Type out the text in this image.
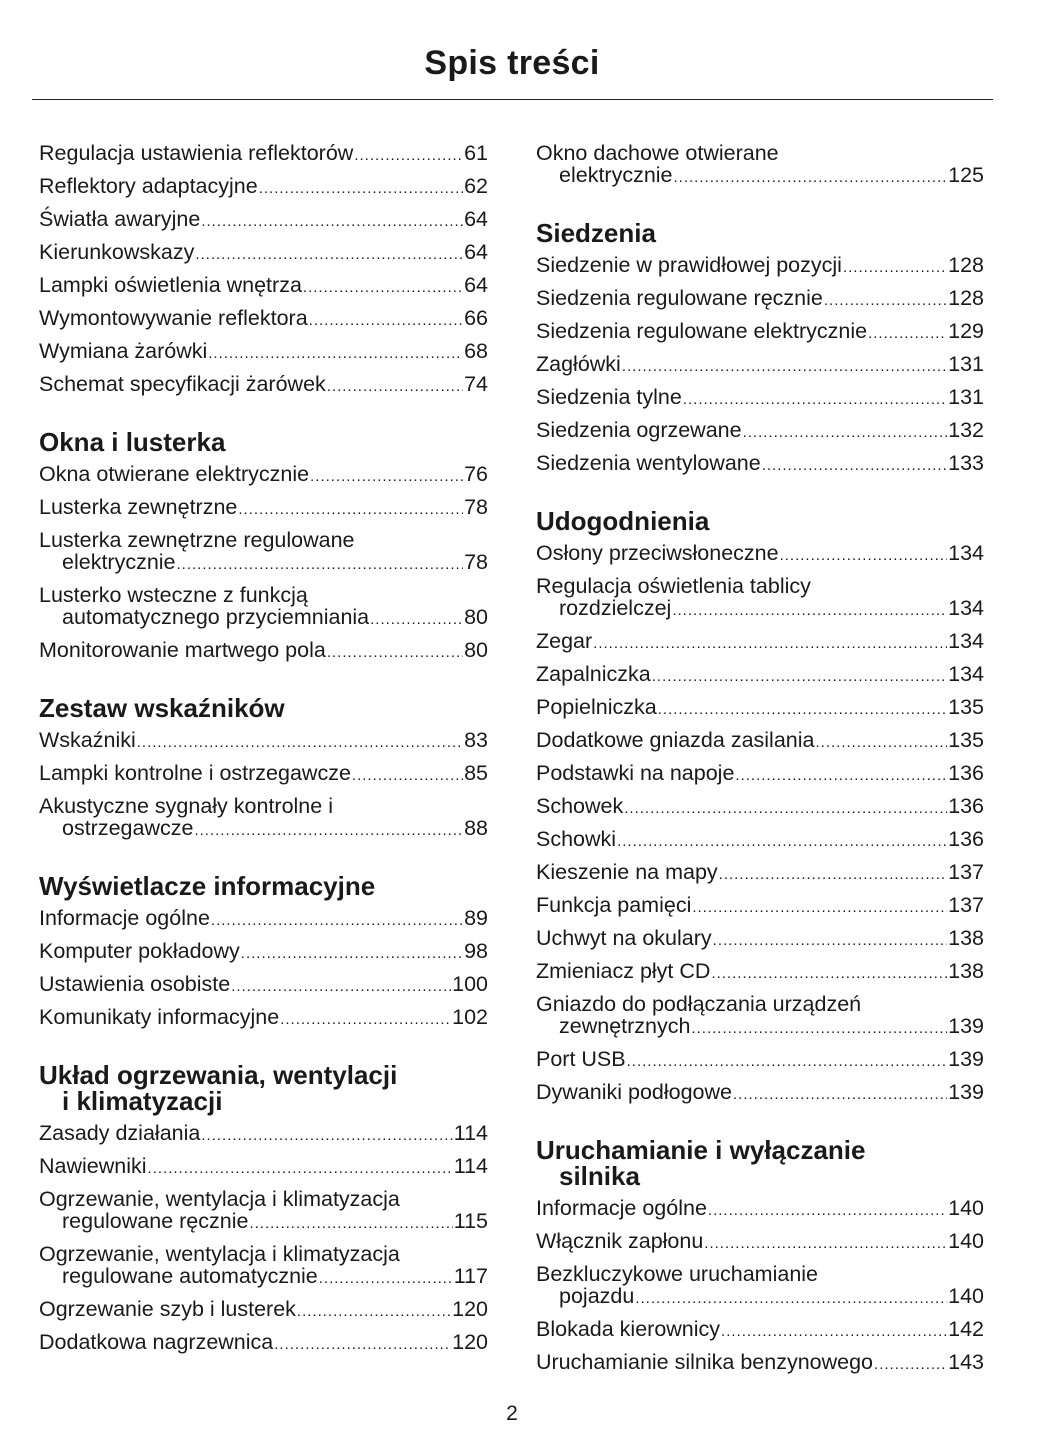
Spis treści
Regulacja ustawienia reflektorów .....	61
Reflektory adaptacyjne .....	62
Światła awaryjne .....	64
Kierunkowskazy .....	64
Lampki oświetlenia wnętrza .....	64
Wymontowywanie reflektora .....	66
Wymiana żarówki .....	68
Schemat specyfikacji żarówek .....	74
Okna i lusterka
Okna otwierane elektrycznie .....	76
Lusterka zewnętrzne .....	78
Lusterka zewnętrzne regulowane
elektrycznie .....	78
Lusterko wsteczne z funkcją
automatycznego przyciemniania .....	80
Monitorowanie martwego pola .....	80
Zestaw wskaźników
Wskaźniki .....	83
Lampki kontrolne i ostrzegawcze .....	85
Akustyczne sygnały kontrolne i
ostrzegawcze .....	88
Wyświetlacze informacyjne
Informacje ogólne .....	89
Komputer pokładowy .....	98
Ustawienia osobiste .....	100
Komunikaty informacyjne .....	102
Układ ogrzewania, wentylacji
i klimatyzacji
Zasady działania .....	114
Nawiewniki .....	114
Ogrzewanie, wentylacja i klimatyzacja
regulowane ręcznie .....	115
Ogrzewanie, wentylacja i klimatyzacja
regulowane automatycznie .....	117
Ogrzewanie szyb i lusterek .....	120
Dodatkowa nagrzewnica .....	120
Okno dachowe otwierane
elektrycznie .....	125
Siedzenia
Siedzenie w prawidłowej pozycji .....	128
Siedzenia regulowane ręcznie .....	128
Siedzenia regulowane elektrycznie .....	129
Zagłówki .....	131
Siedzenia tylne .....	131
Siedzenia ogrzewane .....	132
Siedzenia wentylowane .....	133
Udogodnienia
Osłony przeciwsłoneczne .....	134
Regulacja oświetlenia tablicy
rozdzielczej .....	134
Zegar .....	134
Zapalniczka .....	134
Popielniczka .....	135
Dodatkowe gniazda zasilania .....	135
Podstawki na napoje .....	136
Schowek .....	136
Schowki .....	136
Kieszenie na mapy .....	137
Funkcja pamięci .....	137
Uchwyt na okulary .....	138
Zmieniacz płyt CD .....	138
Gniazdo do podłączania urządzeń
zewnętrznych .....	139
Port USB .....	139
Dywaniki podłogowe .....	139
Uruchamianie i wyłączanie
silnika
Informacje ogólne .....	140
Włącznik zapłonu .....	140
Bezkluczykowe uruchamianie
pojazdu .....	140
Blokada kierownicy .....	142
Uruchamianie silnika benzynowego .....	143

2
